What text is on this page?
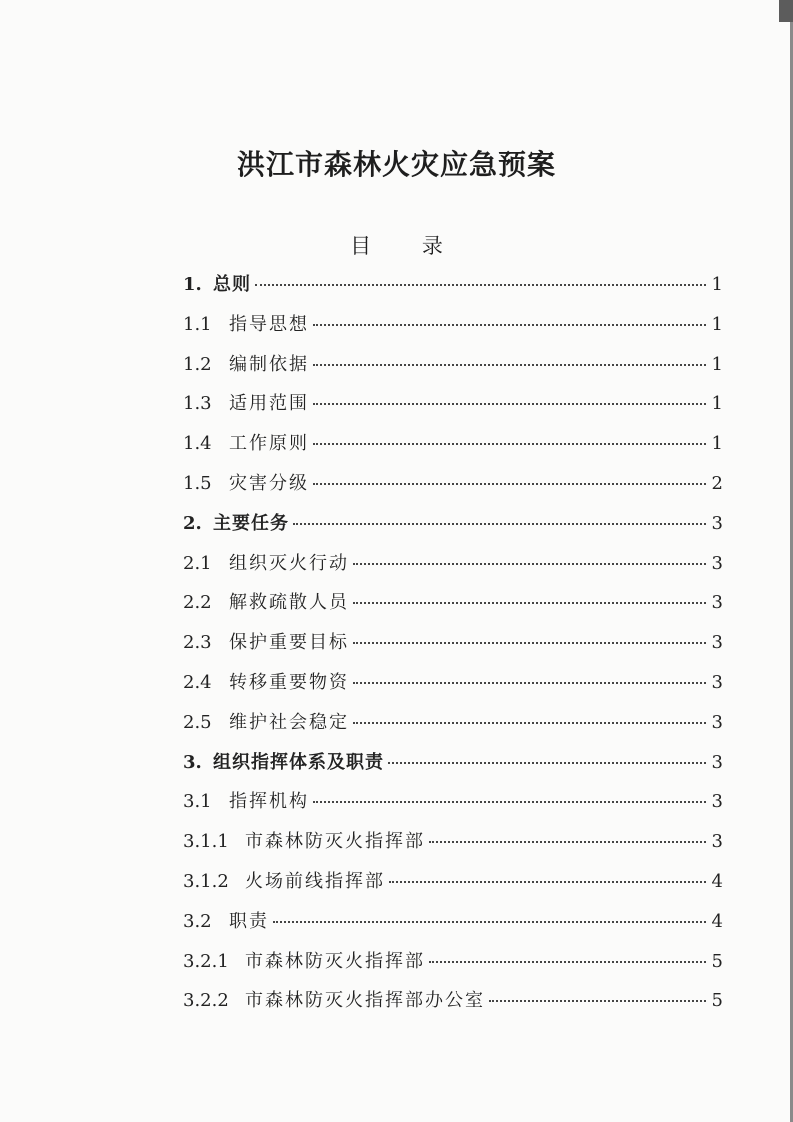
洪江市森林火灾应急预案
目 录
1. 总则	1
1.1 指导思想	1
1.2 编制依据	1
1.3 适用范围	1
1.4 工作原则	1
1.5 灾害分级	2
2. 主要任务	3
2.1 组织灭火行动	3
2.2 解救疏散人员	3
2.3 保护重要目标	3
2.4 转移重要物资	3
2.5 维护社会稳定	3
3. 组织指挥体系及职责	3
3.1 指挥机构	3
3.1.1 市森林防灭火指挥部	3
3.1.2 火场前线指挥部	4
3.2 职责	4
3.2.1 市森林防灭火指挥部	5
3.2.2 市森林防灭火指挥部办公室	5
